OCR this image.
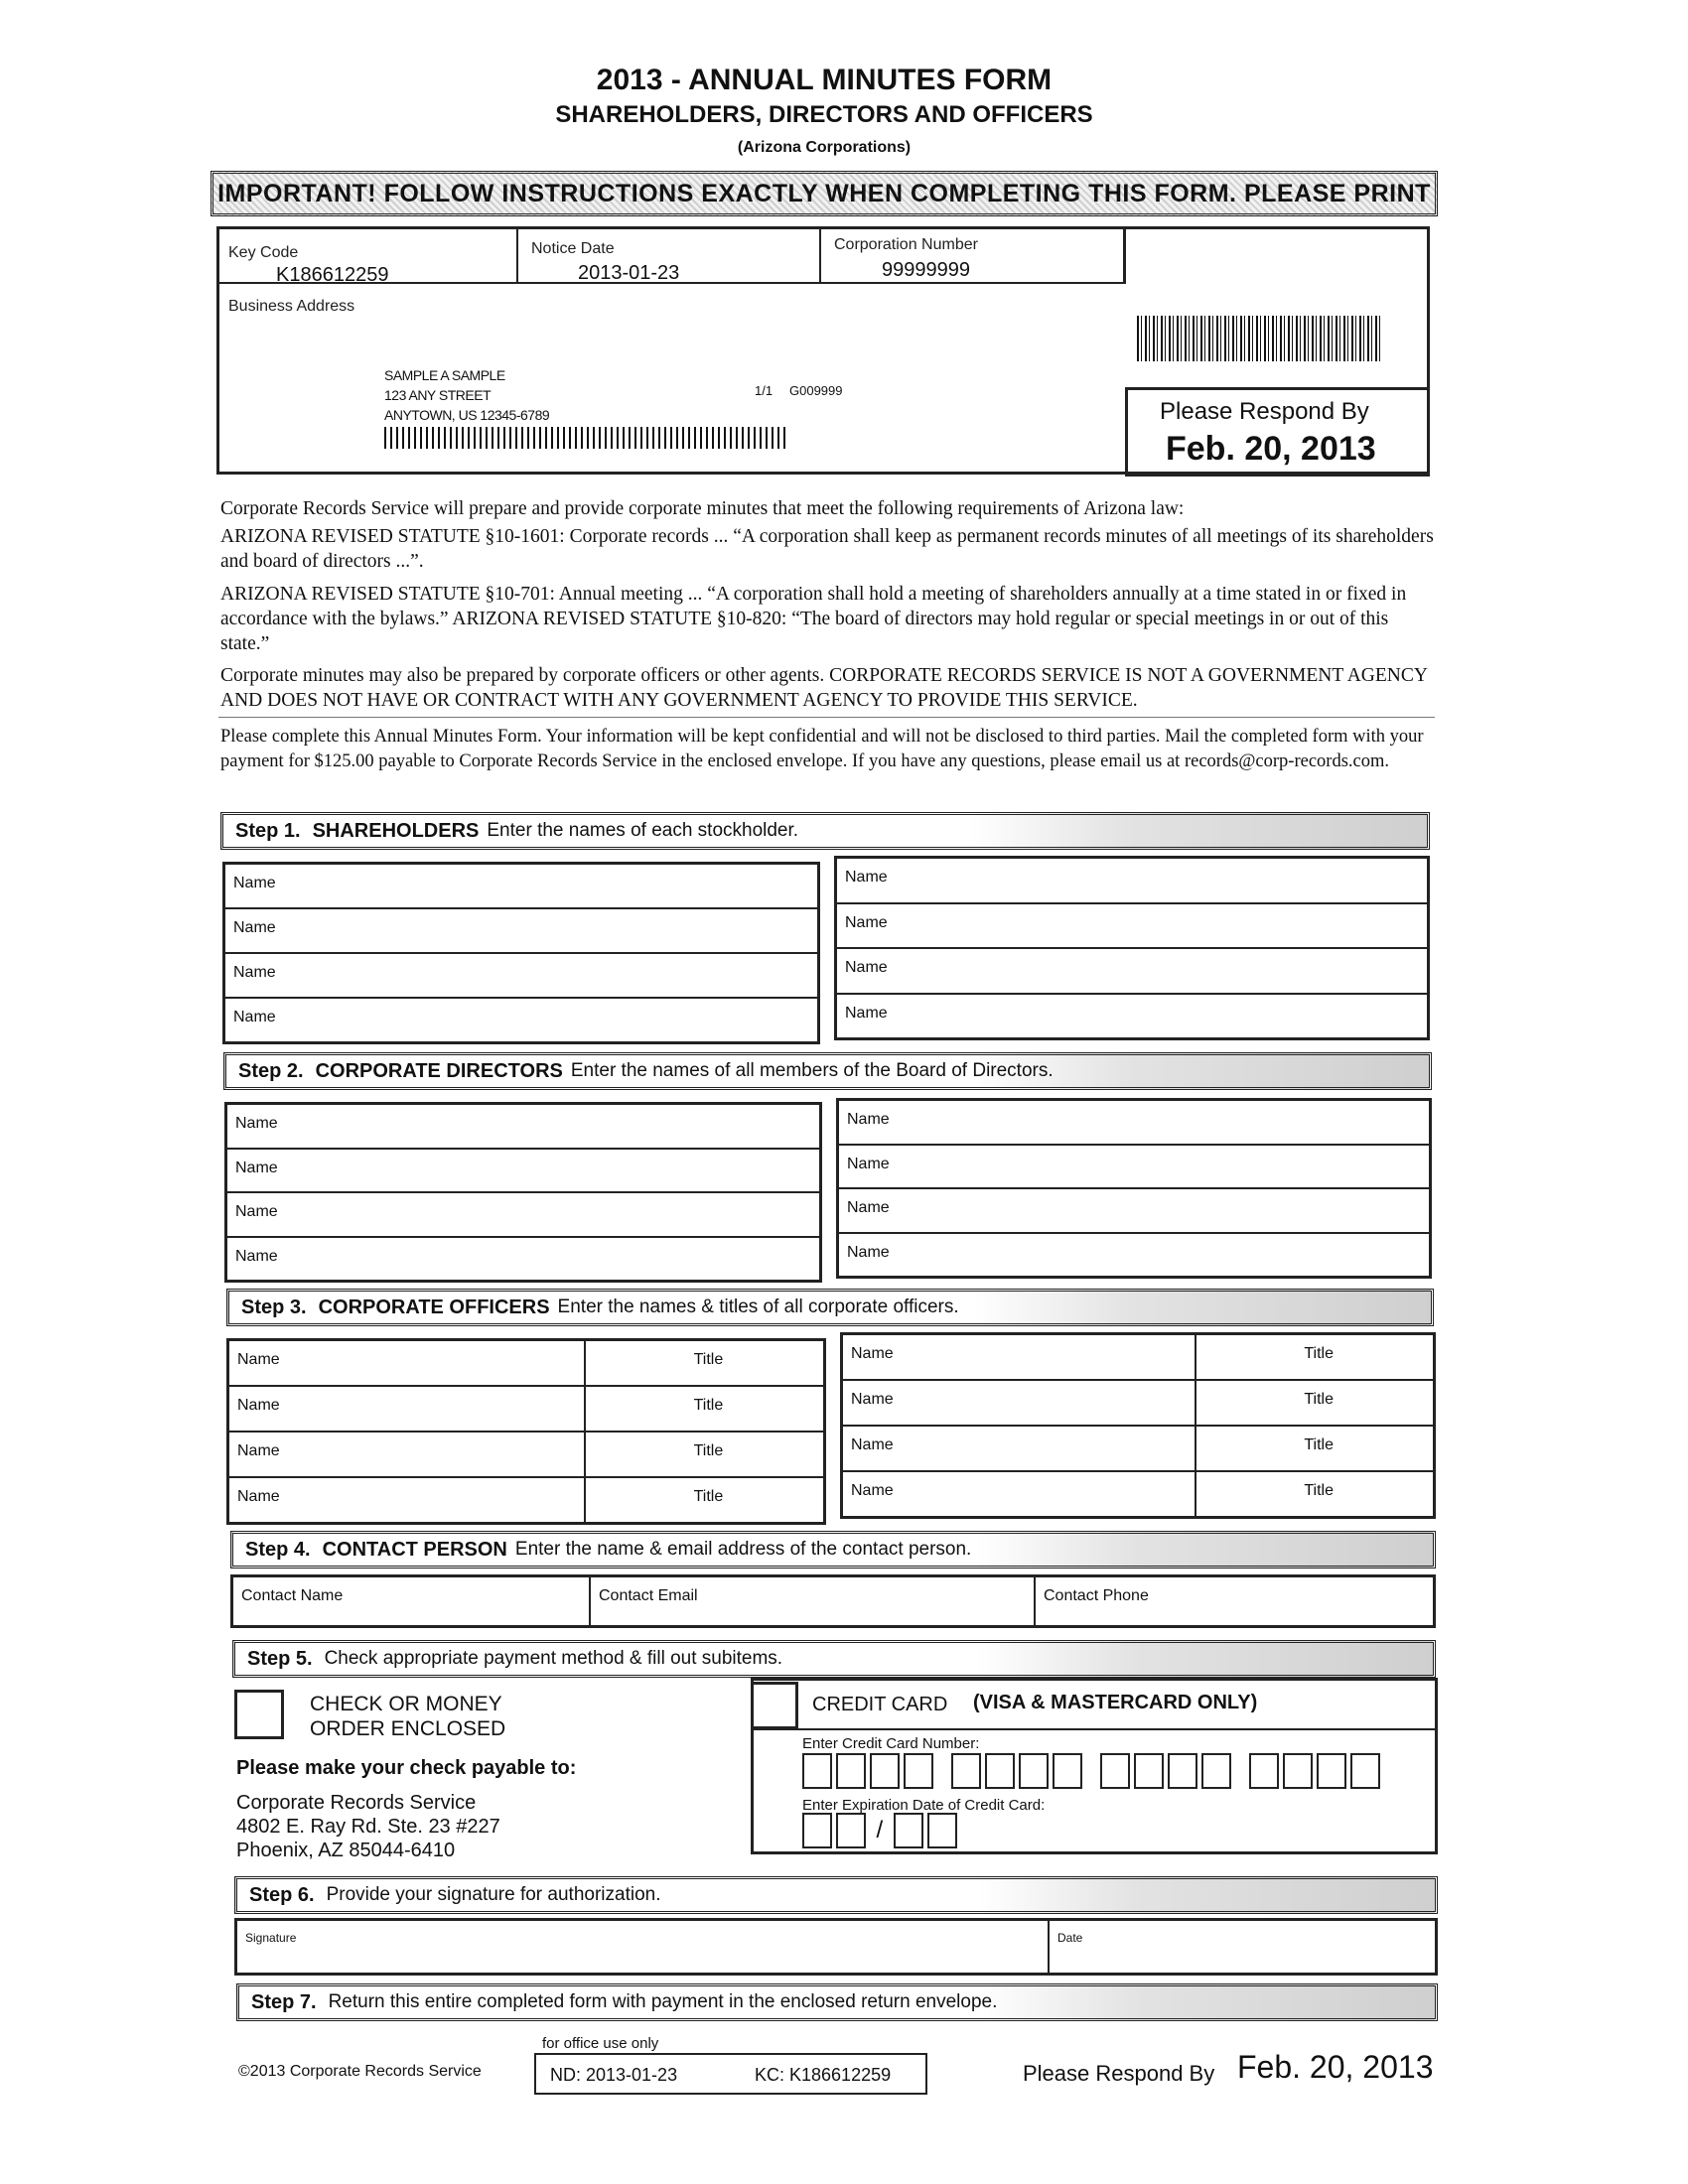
2013 - ANNUAL MINUTES FORM
SHAREHOLDERS, DIRECTORS AND OFFICERS
(Arizona Corporations)
IMPORTANT! FOLLOW INSTRUCTIONS EXACTLY WHEN COMPLETING THIS FORM. PLEASE PRINT
Key Code
K186612259
Notice Date
2013-01-23
Corporation Number
99999999
Business Address
SAMPLE A SAMPLE
123 ANY STREET
ANYTOWN, US 12345-6789
1/1 G009999
Please Respond By
Feb. 20, 2013
Corporate Records Service will prepare and provide corporate minutes that meet the following requirements of Arizona law:
ARIZONA REVISED STATUTE §10-1601: Corporate records ... “A corporation shall keep as permanent records minutes of all meetings of its shareholders and board of directors ...”.
ARIZONA REVISED STATUTE §10-701: Annual meeting ... “A corporation shall hold a meeting of shareholders annually at a time stated in or fixed in accordance with the bylaws.” ARIZONA REVISED STATUTE §10-820: “The board of directors may hold regular or special meetings in or out of this state.”
Corporate minutes may also be prepared by corporate officers or other agents. CORPORATE RECORDS SERVICE IS NOT A GOVERNMENT AGENCY AND DOES NOT HAVE OR CONTRACT WITH ANY GOVERNMENT AGENCY TO PROVIDE THIS SERVICE.
Please complete this Annual Minutes Form. Your information will be kept confidential and will not be disclosed to third parties. Mail the completed form with your payment for $125.00 payable to Corporate Records Service in the enclosed envelope. If you have any questions, please email us at records@corp-records.com.
Step 1. SHAREHOLDERS Enter the names of each stockholder.
Name
Name
Name
Name
Name
Name
Name
Name
Step 2. CORPORATE DIRECTORS Enter the names of all members of the Board of Directors.
Name
Name
Name
Name
Name
Name
Name
Name
Step 3. CORPORATE OFFICERS Enter the names & titles of all corporate officers.
Name	Title
Name	Title
Name	Title
Name	Title
Name	Title
Name	Title
Name	Title
Name	Title
Step 4. CONTACT PERSON Enter the name & email address of the contact person.
Contact Name	Contact Email	Contact Phone
Step 5. Check appropriate payment method & fill out subitems.
CHECK OR MONEY
ORDER ENCLOSED
Please make your check payable to:
Corporate Records Service
4802 E. Ray Rd. Ste. 23 #227
Phoenix, AZ 85044-6410
CREDIT CARD (VISA & MASTERCARD ONLY)
Enter Credit Card Number:
Enter Expiration Date of Credit Card:
/
Step 6. Provide your signature for authorization.
Signature	Date
Step 7. Return this entire completed form with payment in the enclosed return envelope.
©2013 Corporate Records Service
for office use only
ND: 2013-01-23	KC: K186612259	Please Respond By Feb. 20, 2013
